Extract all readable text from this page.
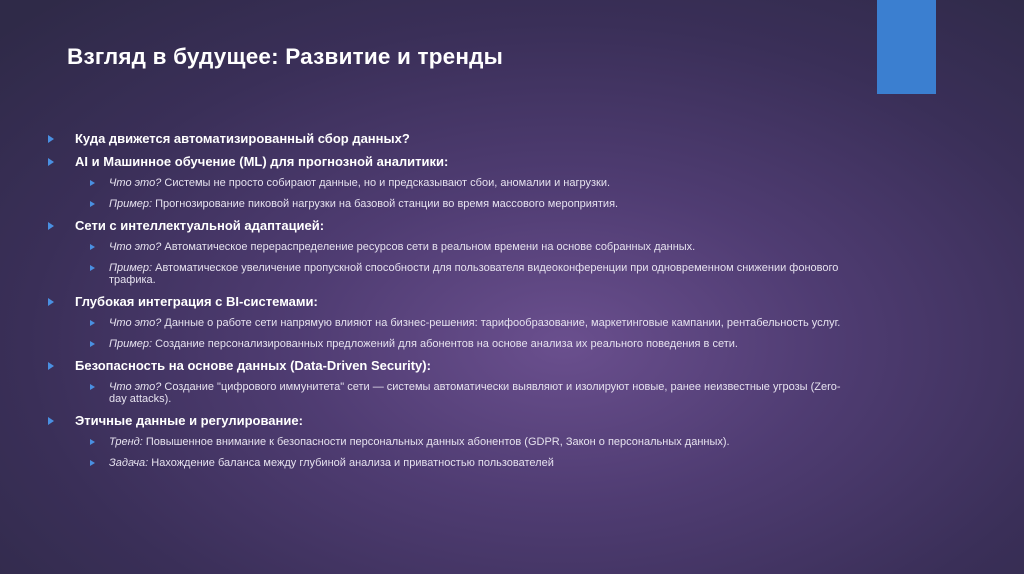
Взгляд в будущее: Развитие и тренды
Куда движется автоматизированный сбор данных?
AI и Машинное обучение (ML) для прогнозной аналитики:
Что это? Системы не просто собирают данные, но и предсказывают сбои, аномалии и нагрузки.
Пример: Прогнозирование пиковой нагрузки на базовой станции во время массового мероприятия.
Сети с интеллектуальной адаптацией:
Что это? Автоматическое перераспределение ресурсов сети в реальном времени на основе собранных данных.
Пример: Автоматическое увеличение пропускной способности для пользователя видеоконференции при одновременном снижении фонового трафика.
Глубокая интеграция с BI-системами:
Что это? Данные о работе сети напрямую влияют на бизнес-решения: тарифообразование, маркетинговые кампании, рентабельность услуг.
Пример: Создание персонализированных предложений для абонентов на основе анализа их реального поведения в сети.
Безопасность на основе данных (Data-Driven Security):
Что это? Создание "цифрового иммунитета" сети — системы автоматически выявляют и изолируют новые, ранее неизвестные угрозы (Zero-day attacks).
Этичные данные и регулирование:
Тренд: Повышенное внимание к безопасности персональных данных абонентов (GDPR, Закон о персональных данных).
Задача: Нахождение баланса между глубиной анализа и приватностью пользователей
